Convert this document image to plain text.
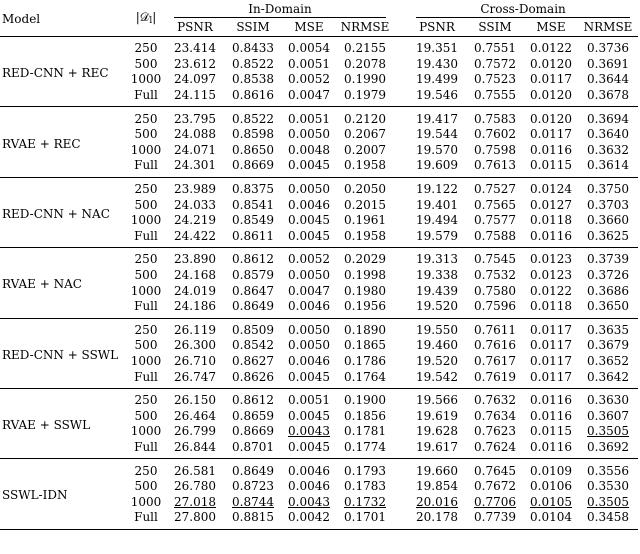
Model	|𝒟$_l$|	In-Domain					Cross-Domain			

		PSNR	SSIM	MSE	NRMSE		PSNR	SSIM	MSE	NRMSE
RED-CNN + REC	250	23.414	0.8433	0.0054	0.2155		19.351	0.7551	0.0122	0.3736
	500	23.612	0.8522	0.0051	0.2078		19.430	0.7572	0.0120	0.3691
	1000	24.097	0.8538	0.0052	0.1990		19.499	0.7523	0.0117	0.3644
	Full	24.115	0.8616	0.0047	0.1979		19.546	0.7555	0.0120	0.3678
RVAE + REC	250	23.795	0.8522	0.0051	0.2120		19.417	0.7583	0.0120	0.3694
	500	24.088	0.8598	0.0050	0.2067		19.544	0.7602	0.0117	0.3640
	1000	24.071	0.8650	0.0048	0.2007		19.570	0.7598	0.0116	0.3632
	Full	24.301	0.8669	0.0045	0.1958		19.609	0.7613	0.0115	0.3614
RED-CNN + NAC	250	23.989	0.8375	0.0050	0.2050		19.122	0.7527	0.0124	0.3750
	500	24.033	0.8541	0.0046	0.2015		19.401	0.7565	0.0127	0.3703
	1000	24.219	0.8549	0.0045	0.1961		19.494	0.7577	0.0118	0.3660
	Full	24.422	0.8611	0.0045	0.1958		19.579	0.7588	0.0116	0.3625
RVAE + NAC	250	23.890	0.8612	0.0052	0.2029		19.313	0.7545	0.0123	0.3739
	500	24.168	0.8579	0.0050	0.1998		19.338	0.7532	0.0123	0.3726
	1000	24.019	0.8647	0.0047	0.1980		19.439	0.7580	0.0122	0.3686
	Full	24.186	0.8649	0.0046	0.1956		19.520	0.7596	0.0118	0.3650
RED-CNN + SSWL	250	26.119	0.8509	0.0050	0.1890		19.550	0.7611	0.0117	0.3635
	500	26.300	0.8542	0.0050	0.1865		19.460	0.7616	0.0117	0.3679
	1000	26.710	0.8627	0.0046	0.1786		19.520	0.7617	0.0117	0.3652
	Full	26.747	0.8626	0.0045	0.1764		19.542	0.7619	0.0117	0.3642
RVAE + SSWL	250	26.150	0.8612	0.0051	0.1900		19.566	0.7632	0.0116	0.3630
	500	26.464	0.8659	0.0045	0.1856		19.619	0.7634	0.0116	0.3607
	1000	26.799	0.8669	0.0043	0.1781		19.628	0.7623	0.0115	0.3505
	Full	26.844	0.8701	0.0045	0.1774		19.617	0.7624	0.0116	0.3692
SSWL-IDN	250	26.581	0.8649	0.0046	0.1793		19.660	0.7645	0.0109	0.3556
	500	26.780	0.8723	0.0046	0.1783		19.854	0.7672	0.0106	0.3530
	1000	27.018	0.8744	0.0043	0.1732		20.016	0.7706	0.0105	0.3505
	Full	27.800	0.8815	0.0042	0.1701		20.178	0.7739	0.0104	0.3458
